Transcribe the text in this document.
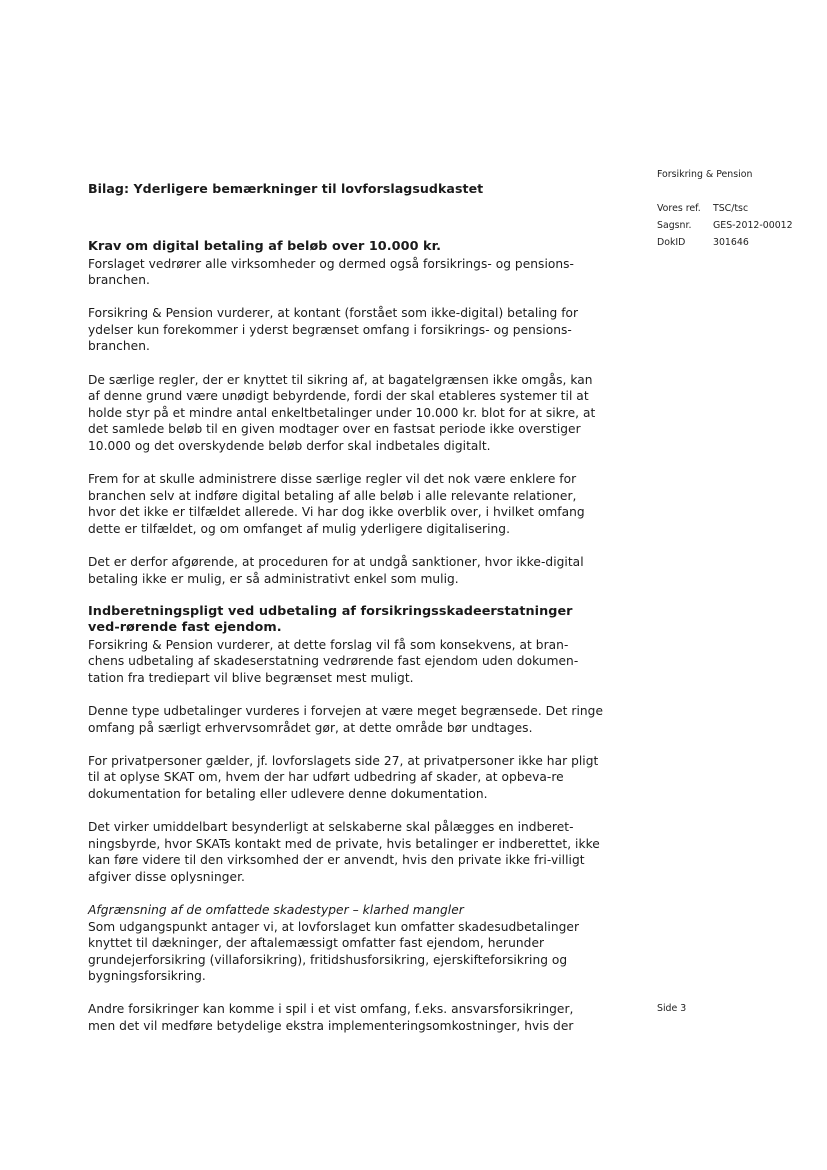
Forsikring & Pension
Vores ref.	TSC/tsc
Sagsnr.	GES-2012-00012
DokID	301646
Side 3
Bilag: Yderligere bemærkninger til lovforslagsudkastet
Krav om digital betaling af beløb over 10.000 kr.

Forslaget vedrører alle virksomheder og dermed også forsikrings- og pensions-branchen.

Forsikring & Pension vurderer, at kontant (forstået som ikke-digital) betaling for ydelser kun forekommer i yderst begrænset omfang i forsikrings- og pensions-branchen.

De særlige regler, der er knyttet til sikring af, at bagatelgrænsen ikke omgås, kan af denne grund være unødigt bebyrdende, fordi der skal etableres systemer til at holde styr på et mindre antal enkeltbetalinger under 10.000 kr. blot for at sikre, at det samlede beløb til en given modtager over en fastsat periode ikke overstiger 10.000 og det overskydende beløb derfor skal indbetales digitalt.

Frem for at skulle administrere disse særlige regler vil det nok være enklere for branchen selv at indføre digital betaling af alle beløb i alle relevante relationer, hvor det ikke er tilfældet allerede. Vi har dog ikke overblik over, i hvilket omfang dette er tilfældet, og om omfanget af mulig yderligere digitalisering.

Det er derfor afgørende, at proceduren for at undgå sanktioner, hvor ikke-digital betaling ikke er mulig, er så administrativt enkel som mulig.

Indberetningspligt ved udbetaling af forsikringsskadeerstatninger ved-rørende fast ejendom.

Forsikring & Pension vurderer, at dette forslag vil få som konsekvens, at bran-chens udbetaling af skadeserstatning vedrørende fast ejendom uden dokumen-tation fra trediepart vil blive begrænset mest muligt.

Denne type udbetalinger vurderes i forvejen at være meget begrænsede. Det ringe omfang på særligt erhvervsområdet gør, at dette område bør undtages.

For privatpersoner gælder, jf. lovforslagets side 27, at privatpersoner ikke har pligt til at oplyse SKAT om, hvem der har udført udbedring af skader, at opbeva-re dokumentation for betaling eller udlevere denne dokumentation.

Det virker umiddelbart besynderligt at selskaberne skal pålægges en indberet-ningsbyrde, hvor SKATs kontakt med de private, hvis betalinger er indberettet, ikke kan føre videre til den virksomhed der er anvendt, hvis den private ikke fri-villigt afgiver disse oplysninger.

Afgrænsning af de omfattede skadestyper – klarhed mangler

Som udgangspunkt antager vi, at lovforslaget kun omfatter skadesudbetalinger knyttet til dækninger, der aftalemæssigt omfatter fast ejendom, herunder grundejerforsikring (villaforsikring), fritidshusforsikring, ejerskifteforsikring og bygningsforsikring.

Andre forsikringer kan komme i spil i et vist omfang, f.eks. ansvarsforsikringer, men det vil medføre betydelige ekstra implementeringsomkostninger, hvis der
